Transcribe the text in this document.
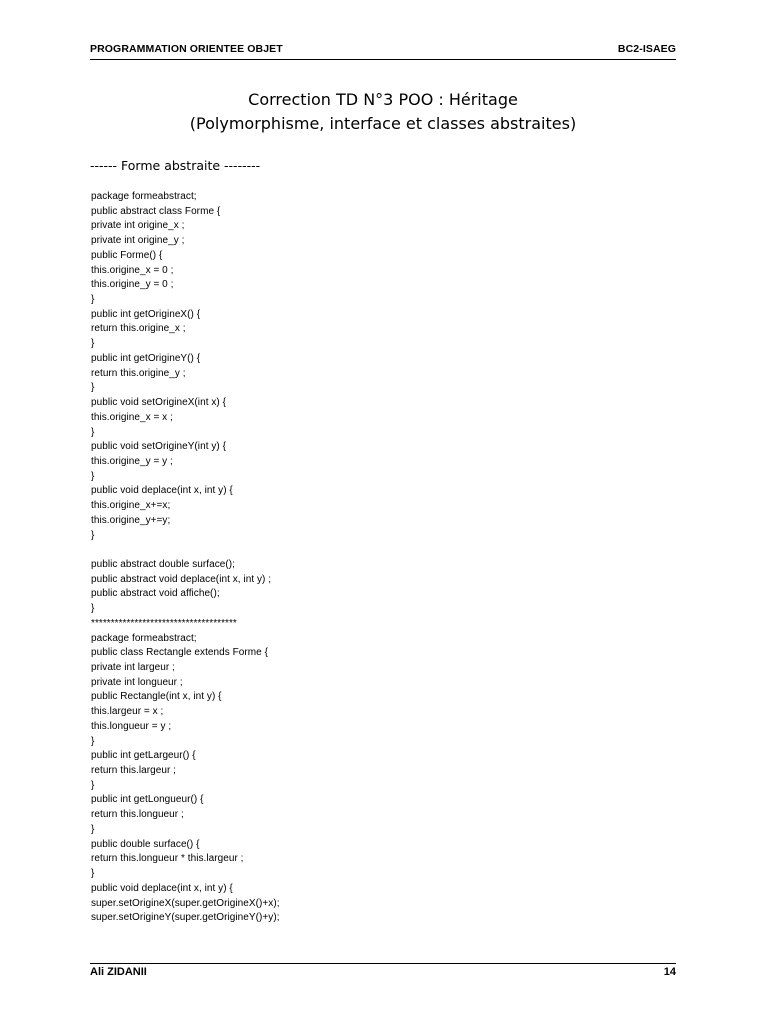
PROGRAMMATION ORIENTEE OBJET	BC2-ISAEG
Correction TD N°3 POO : Héritage
(Polymorphisme, interface et classes abstraites)
------ Forme abstraite --------
package formeabstract;
public abstract class Forme {
private int origine_x ;
private int origine_y ;
public Forme() {
this.origine_x = 0 ;
this.origine_y = 0 ;
}
public int getOrigineX() {
return this.origine_x ;
}
public int getOrigineY() {
return this.origine_y ;
}
public void setOrigineX(int x) {
this.origine_x = x ;
}
public void setOrigineY(int y) {
this.origine_y = y ;
}
public void deplace(int x, int y) {
this.origine_x+=x;
this.origine_y+=y;
}
public abstract double surface();
public abstract void deplace(int x, int y) ;
public abstract void affiche();
}
*************************************
package formeabstract;
public class Rectangle extends Forme {
private int largeur ;
private int longueur ;
public Rectangle(int x, int y) {
this.largeur = x ;
this.longueur = y ;
}
public int getLargeur() {
return this.largeur ;
}
public int getLongueur() {
return this.longueur ;
}
public double surface() {
return this.longueur * this.largeur ;
}
public void deplace(int x, int y) {
super.setOrigineX(super.getOrigineX()+x);
super.setOrigineY(super.getOrigineY()+y);
Ali ZIDANII	14
